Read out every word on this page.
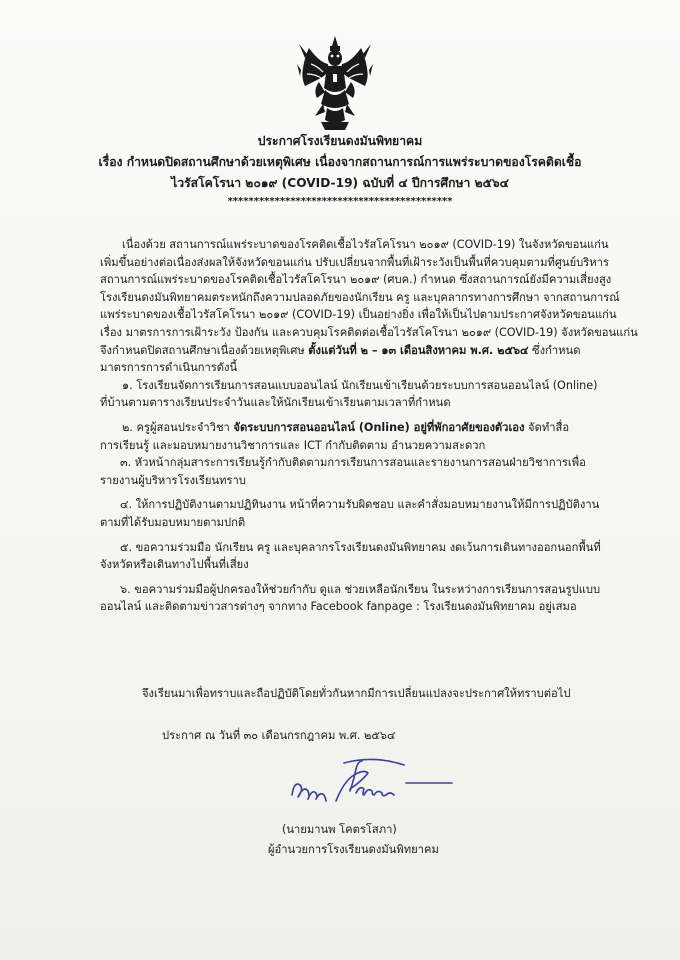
ประกาศโรงเรียนดงมันพิทยาคม
เรื่อง กำหนดปิดสถานศึกษาด้วยเหตุพิเศษ เนื่องจากสถานการณ์การแพร่ระบาดของโรคติดเชื้อ
ไวรัสโคโรนา ๒๐๑๙ (COVID-19) ฉบับที่ ๔ ปีการศึกษา ๒๕๖๔
*******************************************
เนื่องด้วย สถานการณ์แพร่ระบาดของโรคติดเชื้อไวรัสโคโรนา ๒๐๑๙ (COVID-19) ในจังหวัดขอนแก่น
เพิ่มขึ้นอย่างต่อเนื่องส่งผลให้จังหวัดขอนแก่น ปรับเปลี่ยนจากพื้นที่เฝ้าระวังเป็นพื้นที่ควบคุมตามที่ศูนย์บริหาร
สถานการณ์แพร่ระบาดของโรคติดเชื้อไวรัสโคโรนา ๒๐๑๙ (ศบค.) กำหนด ซึ่งสถานการณ์ยังมีความเสี่ยงสูง
โรงเรียนดงมันพิทยาคมตระหนักถึงความปลอดภัยของนักเรียน ครู และบุคลากรทางการศึกษา จากสถานการณ์
แพร่ระบาดของเชื้อไวรัสโคโรนา ๒๐๑๙ (COVID-19) เป็นอย่างยิ่ง เพื่อให้เป็นไปตามประกาศจังหวัดขอนแก่น
เรื่อง มาตรการการเฝ้าระวัง ป้องกัน และควบคุมโรคติดต่อเชื้อไวรัสโคโรนา ๒๐๑๙ (COVID-19) จังหวัดขอนแก่น
จึงกำหนดปิดสถานศึกษาเนื่องด้วยเหตุพิเศษ ตั้งแต่วันที่ ๒ – ๑๓ เดือนสิงหาคม พ.ศ. ๒๕๖๔ ซึ่งกำหนด
มาตรการการดำเนินการดังนี้
๑. โรงเรียนจัดการเรียนการสอนแบบออนไลน์ นักเรียนเข้าเรียนด้วยระบบการสอนออนไลน์ (Online)
ที่บ้านตามตารางเรียนประจำวันและให้นักเรียนเข้าเรียนตามเวลาที่กำหนด
๒. ครูผู้สอนประจำวิชา จัดระบบการสอนออนไลน์ (Online) อยู่ที่พักอาศัยของตัวเอง จัดทำสื่อ
การเรียนรู้ และมอบหมายงานวิชาการและ ICT กำกับติดตาม อำนวยความสะดวก
๓. หัวหน้ากลุ่มสาระการเรียนรู้กำกับติดตามการเรียนการสอนและรายงานการสอนฝ่ายวิชาการเพื่อ
รายงานผู้บริหารโรงเรียนทราบ
๔. ให้การปฏิบัติงานตามปฏิทินงาน หน้าที่ความรับผิดชอบ และคำสั่งมอบหมายงานให้มีการปฏิบัติงาน
ตามที่ได้รับมอบหมายตามปกติ
๕. ขอความร่วมมือ นักเรียน ครู และบุคลากรโรงเรียนดงมันพิทยาคม งดเว้นการเดินทางออกนอกพื้นที่
จังหวัดหรือเดินทางไปพื้นที่เสี่ยง
๖. ขอความร่วมมือผู้ปกครองให้ช่วยกำกับ ดูแล ช่วยเหลือนักเรียน ในระหว่างการเรียนการสอนรูปแบบ
ออนไลน์ และติดตามข่าวสารต่างๆ จากทาง Facebook fanpage : โรงเรียนดงมันพิทยาคม อยู่เสมอ
จึงเรียนมาเพื่อทราบและถือปฏิบัติโดยทั่วกันหากมีการเปลี่ยนแปลงจะประกาศให้ทราบต่อไป
ประกาศ ณ วันที่ ๓๐ เดือนกรกฎาคม พ.ศ. ๒๕๖๔
(นายมานพ โคตรโสภา)
ผู้อำนวยการโรงเรียนดงมันพิทยาคม
